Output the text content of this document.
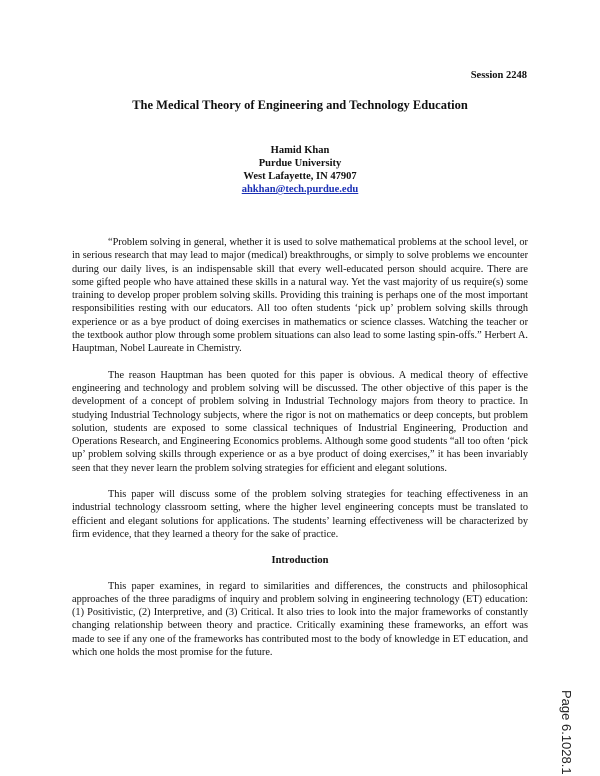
Session 2248
The Medical Theory of Engineering and Technology Education
Hamid Khan
Purdue University
West Lafayette, IN 47907
ahkhan@tech.purdue.edu

“Problem solving in general, whether it is used to solve mathematical problems at the school level, or in serious research that may lead to major (medical) breakthroughs, or simply to solve problems we encounter during our daily lives, is an indispensable skill that every well-educated person should acquire. There are some gifted people who have attained these skills in a natural way. Yet the vast majority of us require(s) some training to develop proper problem solving skills. Providing this training is perhaps one of the most important responsibilities resting with our educators. All too often students ‘pick up’ problem solving skills through experience or as a bye product of doing exercises in mathematics or science classes. Watching the teacher or the textbook author plow through some problem situations can also lead to some lasting spin-offs.” Herbert A. Hauptman, Nobel Laureate in Chemistry.

The reason Hauptman has been quoted for this paper is obvious. A medical theory of effective engineering and technology and problem solving will be discussed. The other objective of this paper is the development of a concept of problem solving in Industrial Technology majors from theory to practice. In studying Industrial Technology subjects, where the rigor is not on mathematics or deep concepts, but problem solution, students are exposed to some classical techniques of Industrial Engineering, Production and Operations Research, and Engineering Economics problems. Although some good students “all too often ‘pick up’ problem solving skills through experience or as a bye product of doing exercises,” it has been invariably seen that they never learn the problem solving strategies for efficient and elegant solutions.

This paper will discuss some of the problem solving strategies for teaching effectiveness in an industrial technology classroom setting, where the higher level engineering concepts must be translated to efficient and elegant solutions for applications. The students’ learning effectiveness will be characterized by firm evidence, that they learned a theory for the sake of practice.

Introduction

This paper examines, in regard to similarities and differences, the constructs and philosophical approaches of the three paradigms of inquiry and problem solving in engineering technology (ET) education: (1) Positivistic, (2) Interpretive, and (3) Critical. It also tries to look into the major frameworks of constantly changing relationship between theory and practice. Critically examining these frameworks, an effort was made to see if any one of the frameworks has contributed most to the body of knowledge in ET education, and which one holds the most promise for the future.

Page 6.1028.1
